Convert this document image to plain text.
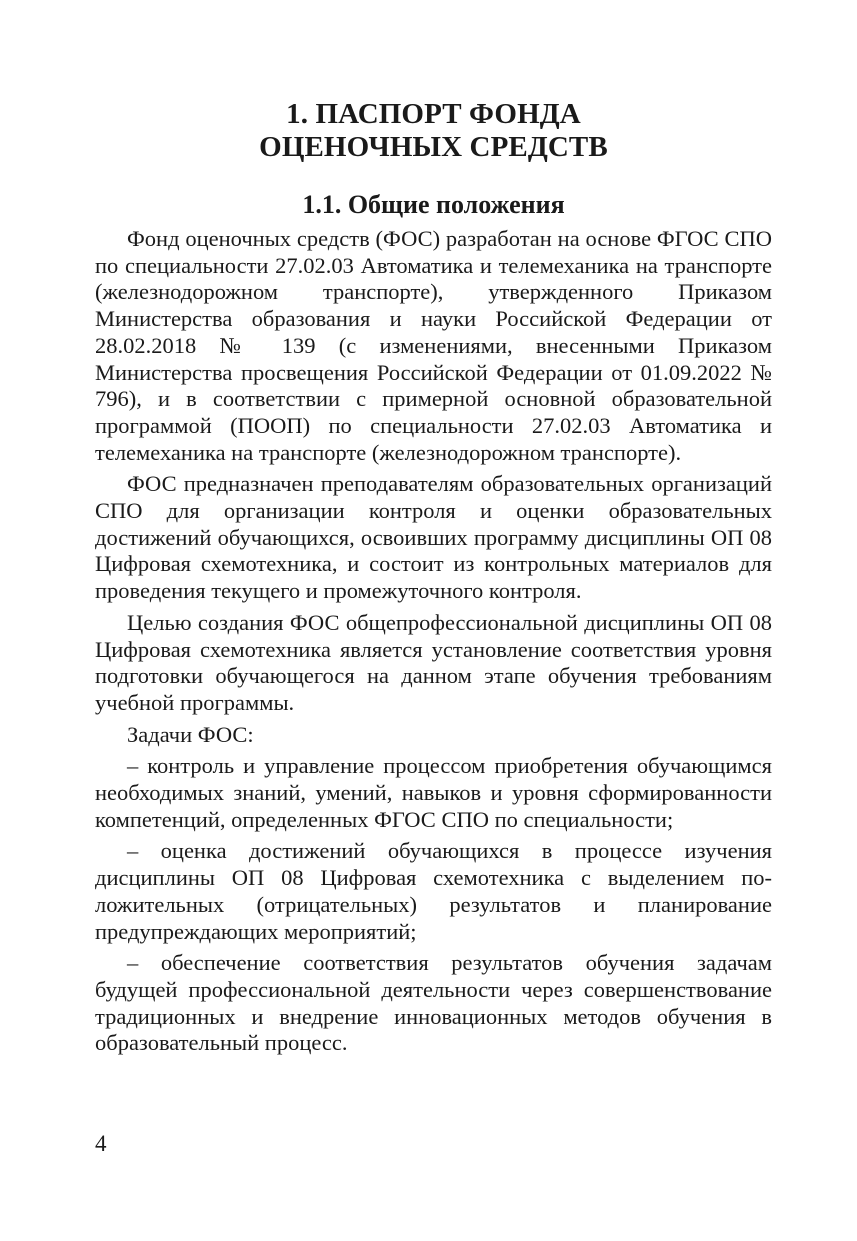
1. ПАСПОРТ ФОНДА
ОЦЕНОЧНЫХ СРЕДСТВ
1.1. Общие положения

Фонд оценочных средств (ФОС) разработан на основе ФГОС СПО по специальности 27.02.03 Автоматика и телемеханика на транспорте (железнодорожном транспорте), утвержденного Приказом Министерства образования и науки Российской Федерации от 28.02.2018 № 139 (с изменениями, внесенными Приказом Министерства просвещения Российской Федерации от 01.09.2022 № 796), и в соответствии с примерной основной образовательной программой (ПООП) по специальности 27.02.03 Автоматика и телемеханика на транспорте (железнодорожном транспорте).

ФОС предназначен преподавателям образовательных организаций СПО для организации контроля и оценки образовательных достижений обучающихся, освоивших программу дисциплины ОП 08 Цифровая схемотехника, и состоит из контрольных материалов для проведения текущего и промежуточного контроля.

Целью создания ФОС общепрофессиональной дисциплины ОП 08 Цифровая схемотехника является установление соответствия уровня подготовки обучающегося на данном этапе обучения требованиям учебной программы.

Задачи ФОС:

– контроль и управление процессом приобретения обучающимся необходимых знаний, умений, навыков и уровня сформированности компетенций, определенных ФГОС СПО по специальности;

– оценка достижений обучающихся в процессе изучения дисциплины ОП 08 Цифровая схемотехника с выделением положительных (отрицательных) результатов и планирование предупреждающих мероприятий;

– обеспечение соответствия результатов обучения задачам будущей профессиональной деятельности через совершенствование традиционных и внедрение инновационных методов обучения в образовательный процесс.

4
